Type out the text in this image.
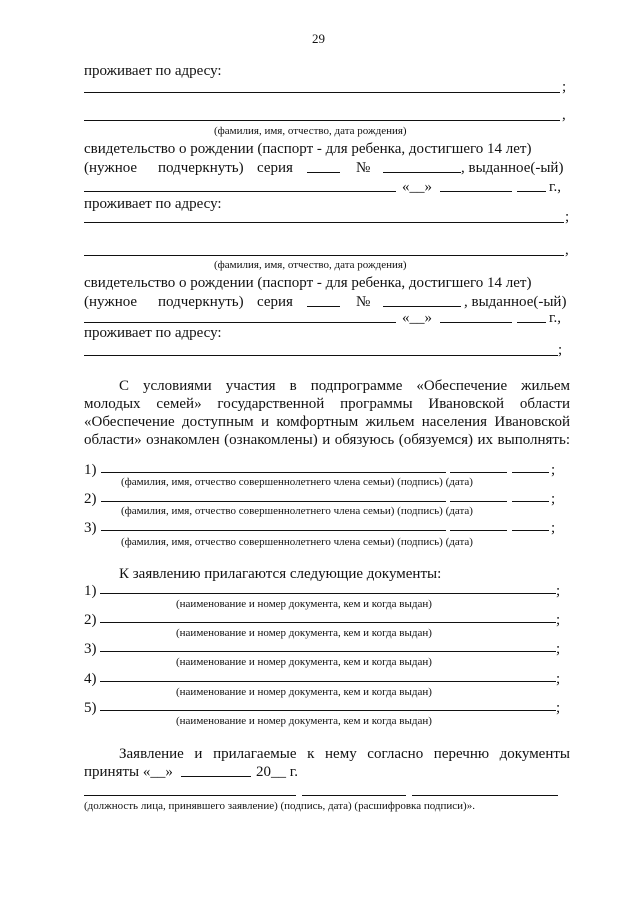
29
проживает по адресу:
;
,
(фамилия, имя, отчество, дата рождения)
свидетельство о рождении (паспорт - для ребенка, достигшего 14 лет)
(нужное подчеркнуть) серия	№	, выданное(-ый)
«__»	г.,
проживает по адресу:
;
,
(фамилия, имя, отчество, дата рождения)
свидетельство о рождении (паспорт - для ребенка, достигшего 14 лет)
(нужное подчеркнуть) серия	№	, выданное(-ый)
«__»	г.,
проживает по адресу:
;
С условиями участия в подпрограмме «Обеспечение жильем
молодых семей» государственной программы Ивановской области
«Обеспечение доступным и комфортным жильем населения Ивановской
области» ознакомлен (ознакомлены) и обязуюсь (обязуемся) их выполнять:
1)	;
(фамилия, имя, отчество совершеннолетнего члена семьи) (подпись) (дата)
2)	;
(фамилия, имя, отчество совершеннолетнего члена семьи) (подпись) (дата)
3)	;
(фамилия, имя, отчество совершеннолетнего члена семьи) (подпись) (дата)
К заявлению прилагаются следующие документы:
1)	;
(наименование и номер документа, кем и когда выдан)
2)	;
(наименование и номер документа, кем и когда выдан)
3)	;
(наименование и номер документа, кем и когда выдан)
4)	;
(наименование и номер документа, кем и когда выдан)
5)	;
(наименование и номер документа, кем и когда выдан)
Заявление и прилагаемые к нему согласно перечню документы
приняты «__»	20__ г.
(должность лица, принявшего заявление) (подпись, дата) (расшифровка подписи)».
